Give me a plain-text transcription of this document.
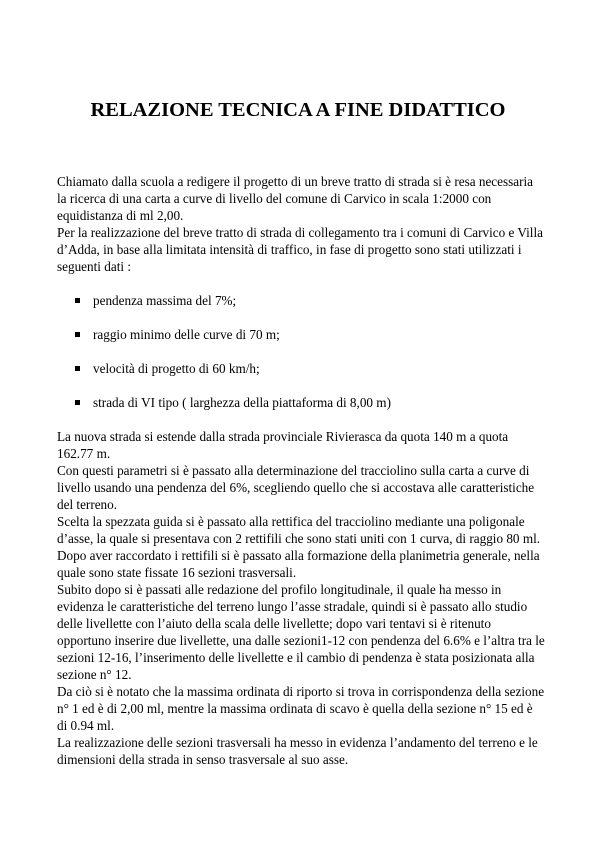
RELAZIONE TECNICA A FINE DIDATTICO

Chiamato dalla scuola a redigere il progetto di un breve tratto di strada si è resa necessaria la ricerca di una carta a curve di livello del comune di Carvico in scala 1:2000 con equidistanza di ml 2,00.

Per la realizzazione del breve tratto di strada di collegamento tra i comuni di Carvico e Villa d’Adda, in base alla limitata intensità di traffico, in fase di progetto sono stati utilizzati i seguenti dati :

pendenza massima del 7%;
raggio minimo delle curve di 70 m;
velocità di progetto di 60 km/h;
strada di VI tipo ( larghezza della piattaforma di 8,00 m)

La nuova strada si estende dalla strada provinciale Rivierasca da quota 140 m a quota 162.77 m.

Con questi parametri si è passato alla determinazione del tracciolino sulla carta a curve di livello usando una pendenza del 6%, scegliendo quello che si accostava alle caratteristiche del terreno.

Scelta la spezzata guida si è passato alla rettifica del tracciolino mediante una poligonale d’asse, la quale si presentava con 2 rettifili che sono stati uniti con 1 curva, di raggio 80 ml.

Dopo aver raccordato i rettifili si è passato alla formazione della planimetria generale, nella quale sono state fissate 16 sezioni trasversali.

Subito dopo si è passati alle redazione del profilo longitudinale, il quale ha messo in evidenza le caratteristiche del terreno lungo l’asse stradale, quindi si è passato allo studio delle livellette con l’aiuto della scala delle livellette; dopo vari tentavi si è ritenuto opportuno inserire due livellette, una dalle sezioni1-12 con pendenza del 6.6% e l’altra tra le sezioni 12-16, l’inserimento delle livellette e il cambio di pendenza è stata posizionata alla sezione n° 12.

Da ciò si è notato che la massima ordinata di riporto si trova in corrispondenza della sezione n° 1 ed è di 2,00 ml, mentre la massima ordinata di scavo è quella della sezione n° 15 ed è di 0.94 ml.

La realizzazione delle sezioni trasversali ha messo in evidenza l’andamento del terreno e le dimensioni della strada in senso trasversale al suo asse.
